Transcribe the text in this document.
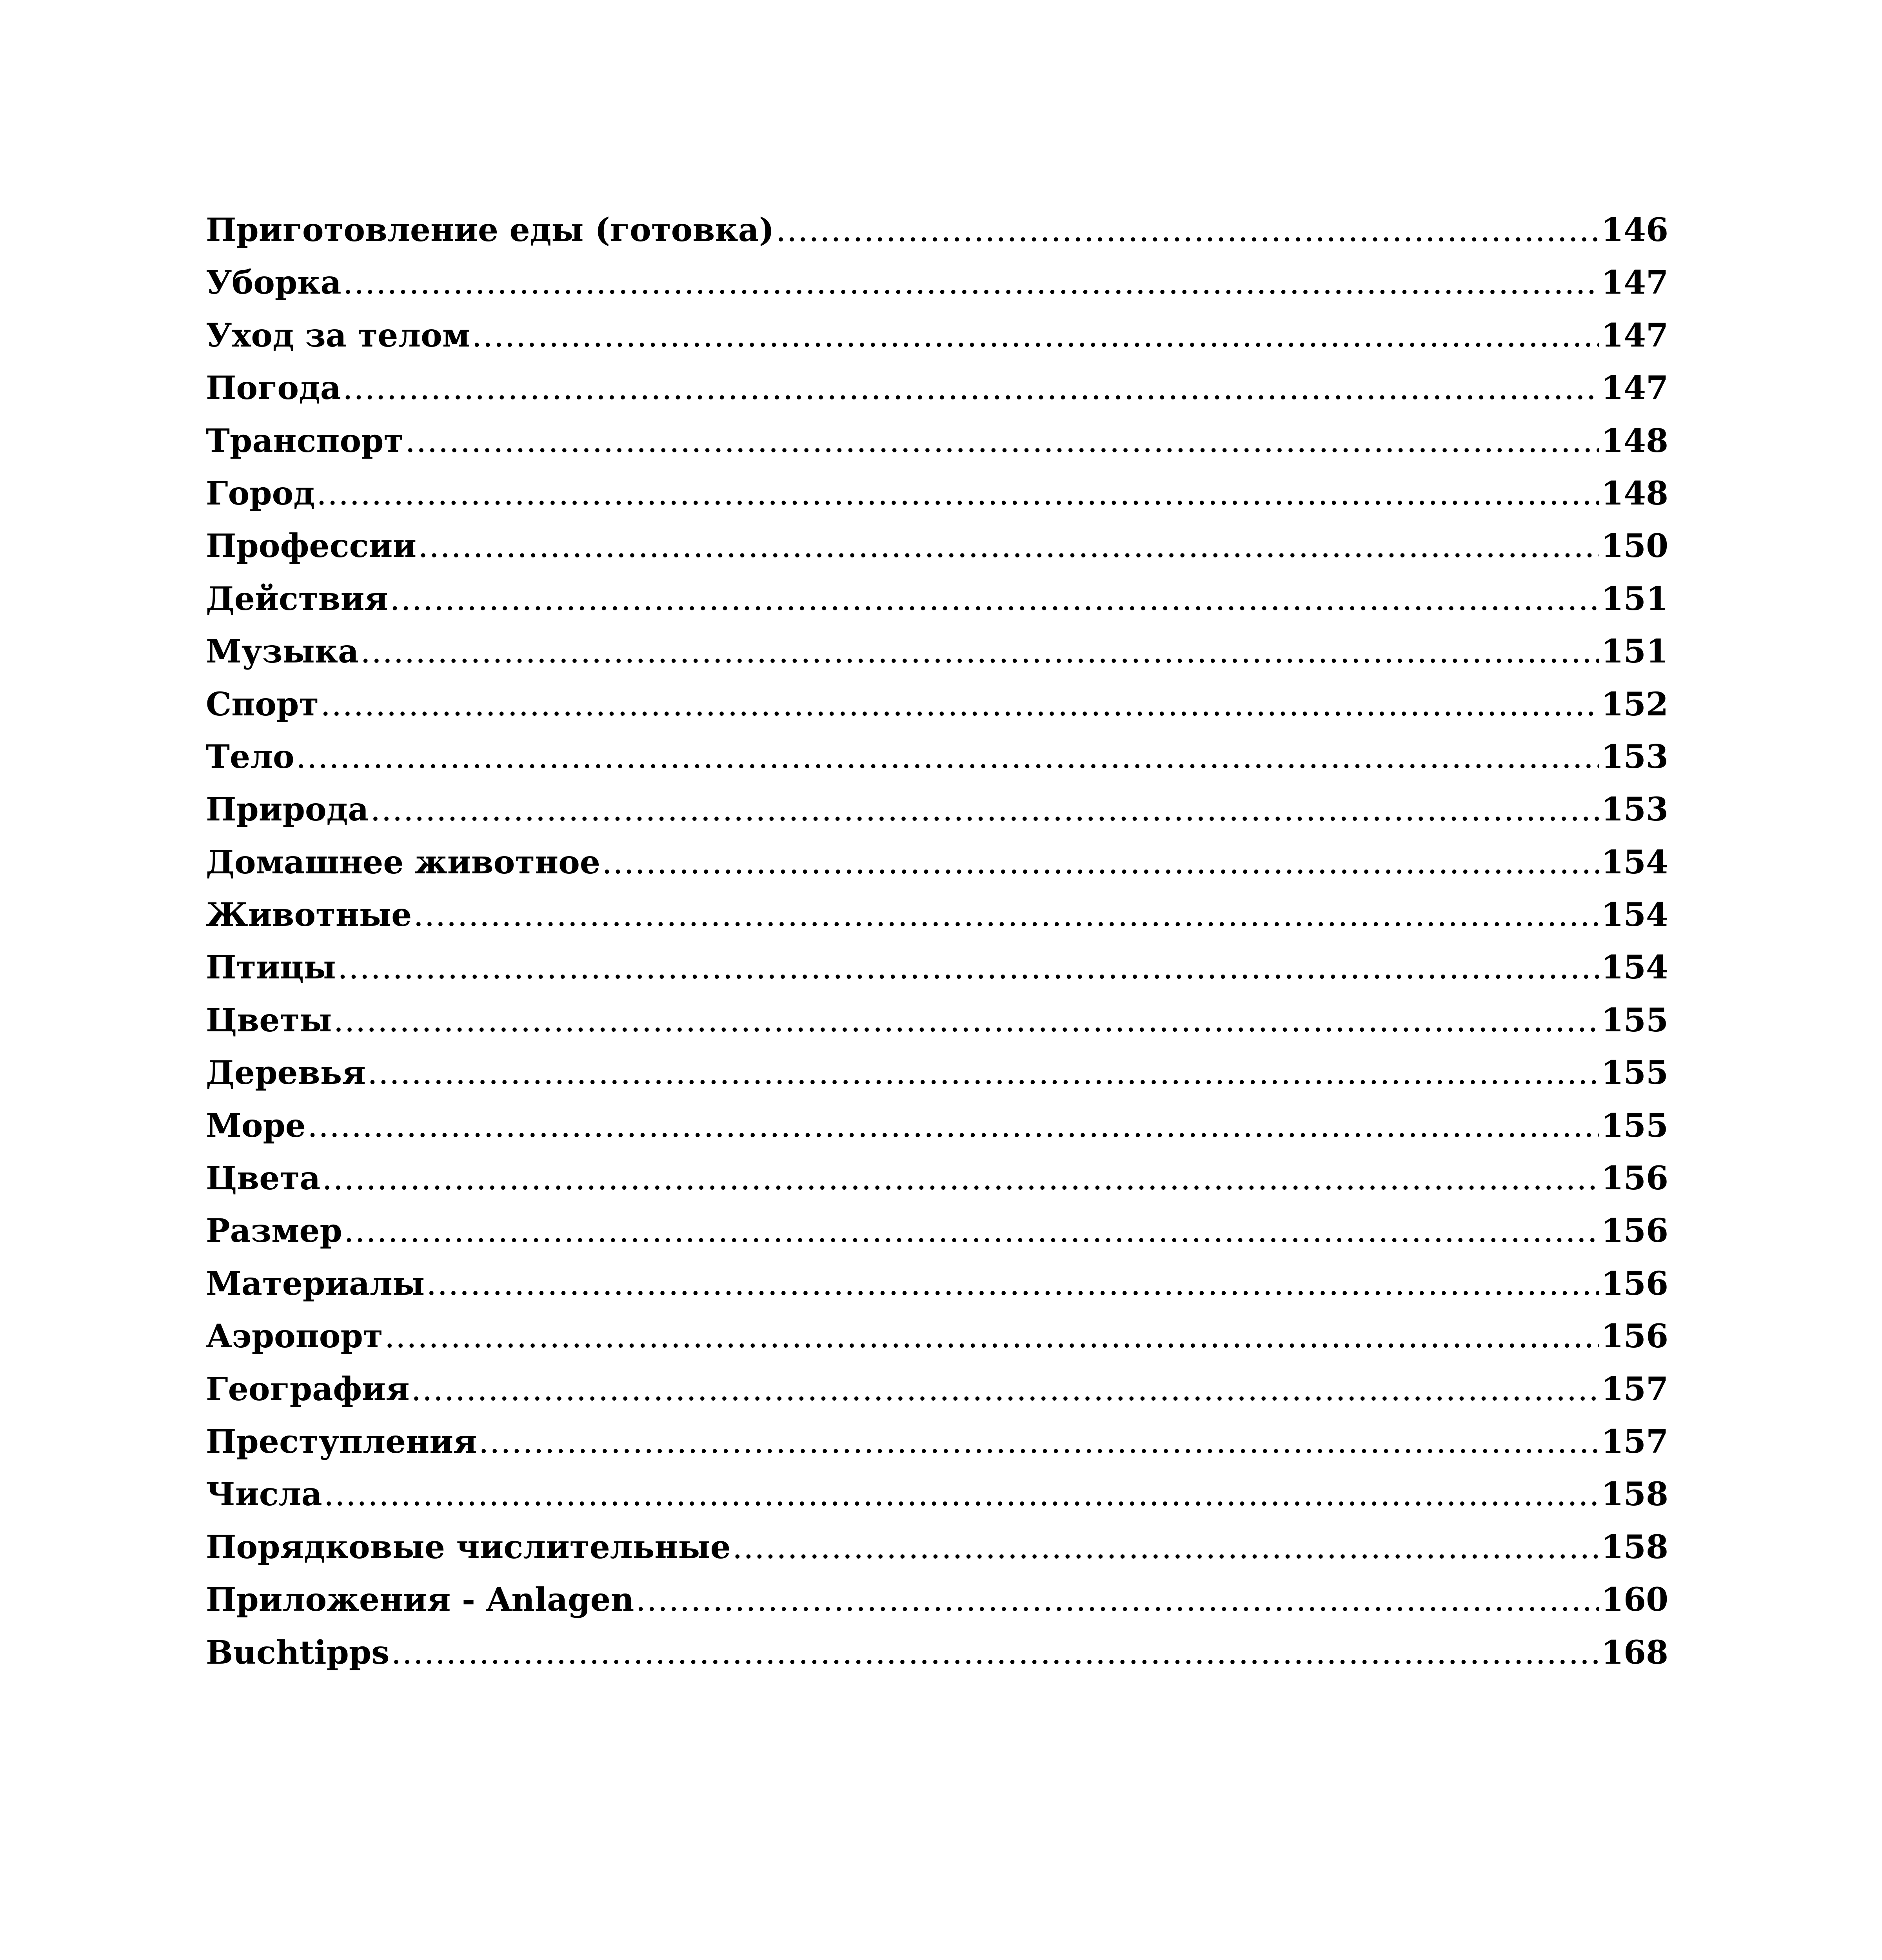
Приготовление еды (готовка) .....	146
Уборка .....	147
Уход за телом .....	147
Погода .....	147
Транспорт .....	148
Город .....	148
Профессии .....	150
Действия .....	151
Музыка .....	151
Спорт .....	152
Тело .....	153
Природа .....	153
Домашнее животное .....	154
Животные .....	154
Птицы .....	154
Цветы .....	155
Деревья .....	155
Море .....	155
Цвета .....	156
Размер .....	156
Материалы .....	156
Аэропорт .....	156
География .....	157
Преступления .....	157
Числа .....	158
Порядковые числительные .....	158
Приложения - Anlagen .....	160
Buchtipps .....	168
